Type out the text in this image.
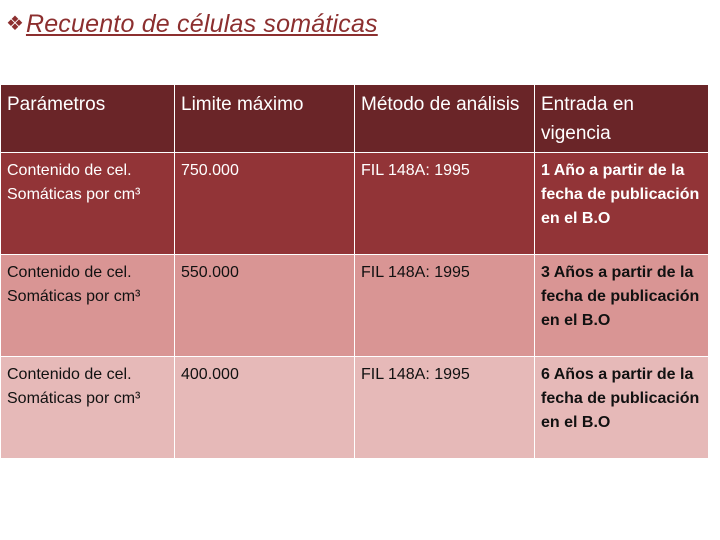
❖ Recuento de células somáticas
Parámetros	Limite máximo	Método de análisis	Entrada en vigencia
Contenido de cel. Somáticas por cm³	750.000	FIL 148A: 1995	1 Año a partir de la fecha de publicación en el B.O
Contenido de cel. Somáticas por cm³	550.000	FIL 148A: 1995	3 Años a partir de la fecha de publicación en el B.O
Contenido de cel. Somáticas por cm³	400.000	FIL 148A: 1995	6 Años a partir de la fecha de publicación en el B.O
